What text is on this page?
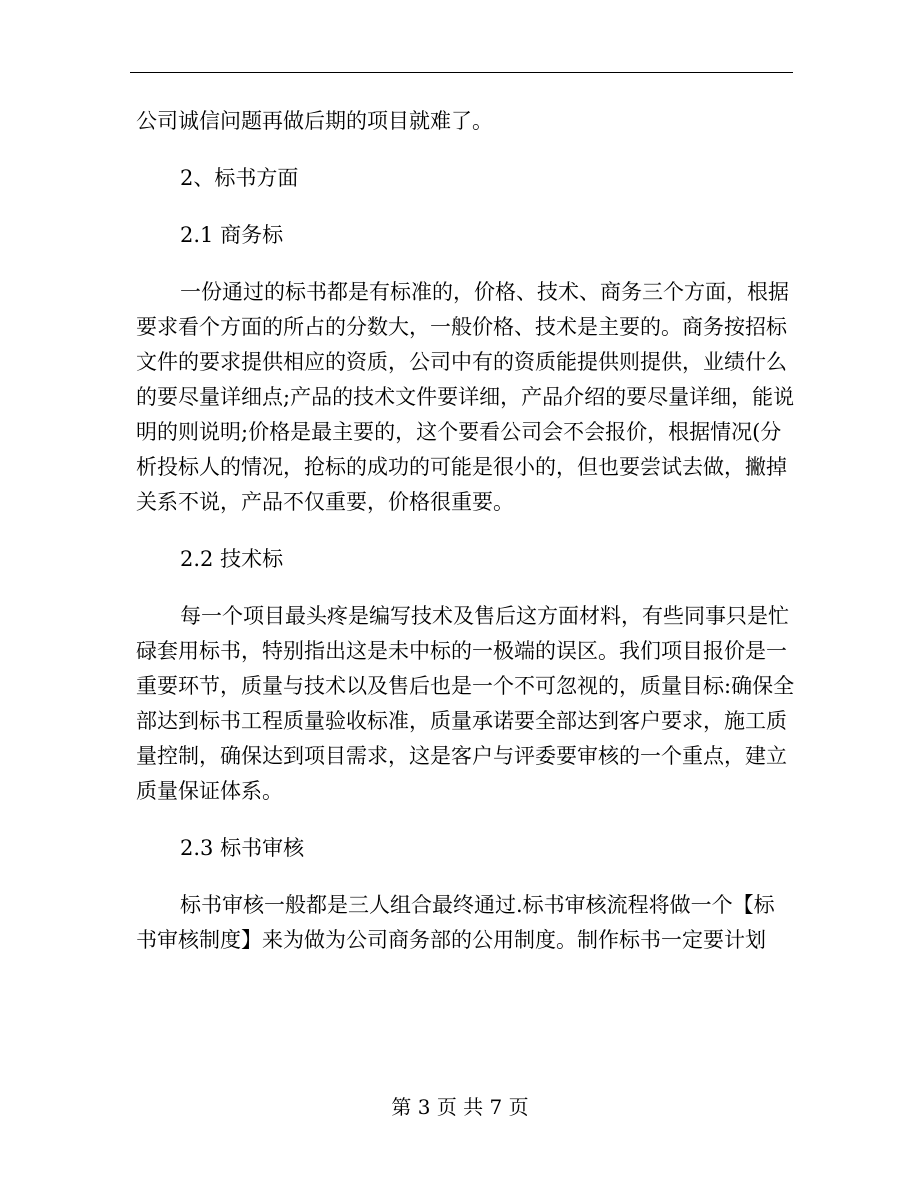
公司诚信问题再做后期的项目就难了。

2、标书方面

2.1 商务标

一份通过的标书都是有标准的，价格、技术、商务三个方面，根据

要求看个方面的所占的分数大，一般价格、技术是主要的。商务按招标

文件的要求提供相应的资质，公司中有的资质能提供则提供，业绩什么

的要尽量详细点;产品的技术文件要详细，产品介绍的要尽量详细，能说

明的则说明;价格是最主要的，这个要看公司会不会报价，根据情况(分

析投标人的情况，抢标的成功的可能是很小的，但也要尝试去做，撇掉

关系不说，产品不仅重要，价格很重要。

2.2 技术标

每一个项目最头疼是编写技术及售后这方面材料，有些同事只是忙

碌套用标书，特别指出这是未中标的一极端的误区。我们项目报价是一

重要环节，质量与技术以及售后也是一个不可忽视的，质量目标:确保全

部达到标书工程质量验收标准，质量承诺要全部达到客户要求，施工质

量控制，确保达到项目需求，这是客户与评委要审核的一个重点，建立

质量保证体系。

2.3 标书审核

标书审核一般都是三人组合最终通过.标书审核流程将做一个【标

书审核制度】来为做为公司商务部的公用制度。制作标书一定要计划

第 3 页 共 7 页
